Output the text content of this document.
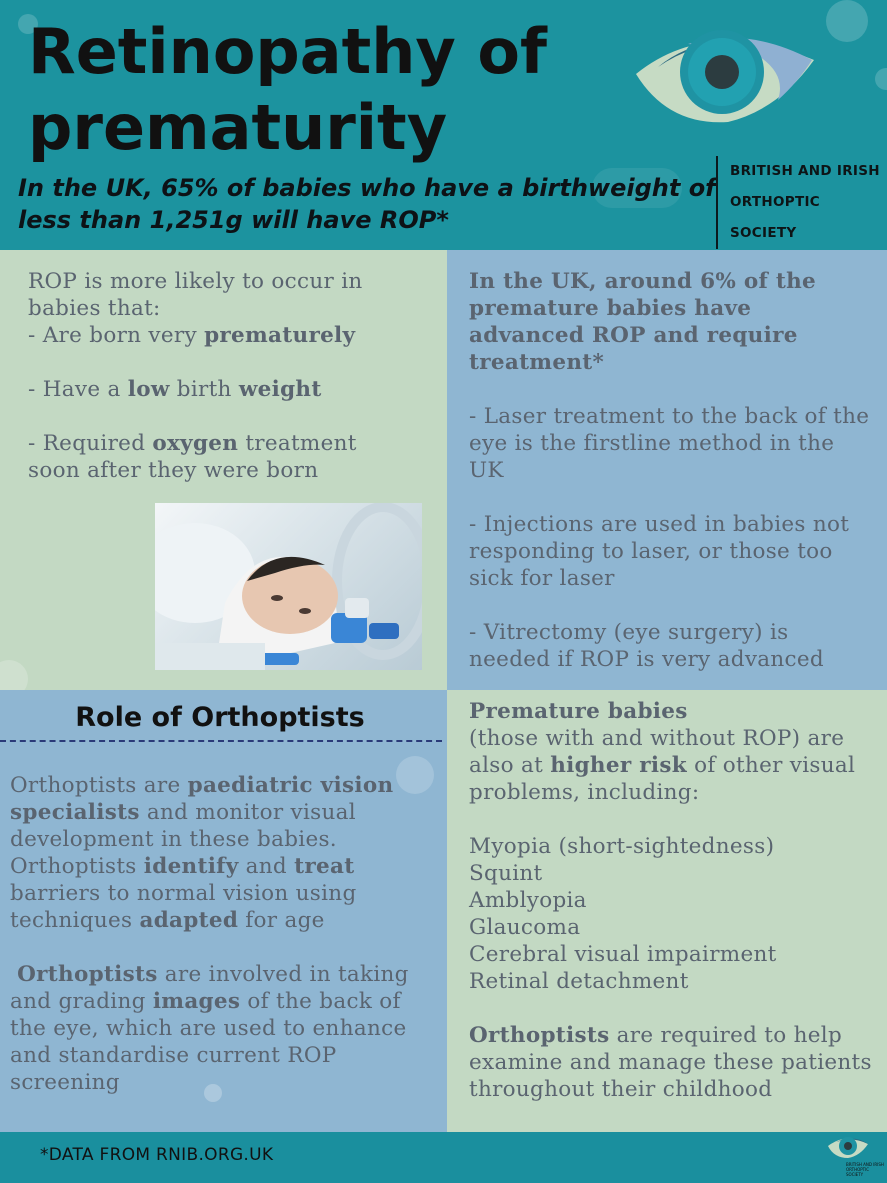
Retinopathy of prematurity
In the UK, 65% of babies who have a birthweight of less than 1,251g will have ROP*
BRITISH AND IRISH
ORTHOPTIC SOCIETY
ROP is more likely to occur in babies that:
- Are born very prematurely
- Have a low birth weight
- Required oxygen treatment soon after they were born
In the UK, around 6% of the premature babies have advanced ROP and require treatment*
- Laser treatment to the back of the eye is the firstline method in the UK
- Injections are used in babies not responding to laser, or those too sick for laser
- Vitrectomy (eye surgery) is needed if ROP is very advanced
Role of Orthoptists
Orthoptists are paediatric vision specialists and monitor visual development in these babies. Orthoptists identify and treat barriers to normal vision using techniques adapted for age
Orthoptists are involved in taking and grading images of the back of the eye, which are used to enhance and standardise current ROP screening
Premature babies
(those with and without ROP) are also at higher risk of other visual problems, including:
Myopia (short-sightedness)
Squint
Amblyopia
Glaucoma
Cerebral visual impairment
Retinal detachment
Orthoptists are required to help examine and manage these patients throughout their childhood
*DATA FROM RNIB.ORG.UK	BRITISH AND IRISH ORTHOPTIC SOCIETY
